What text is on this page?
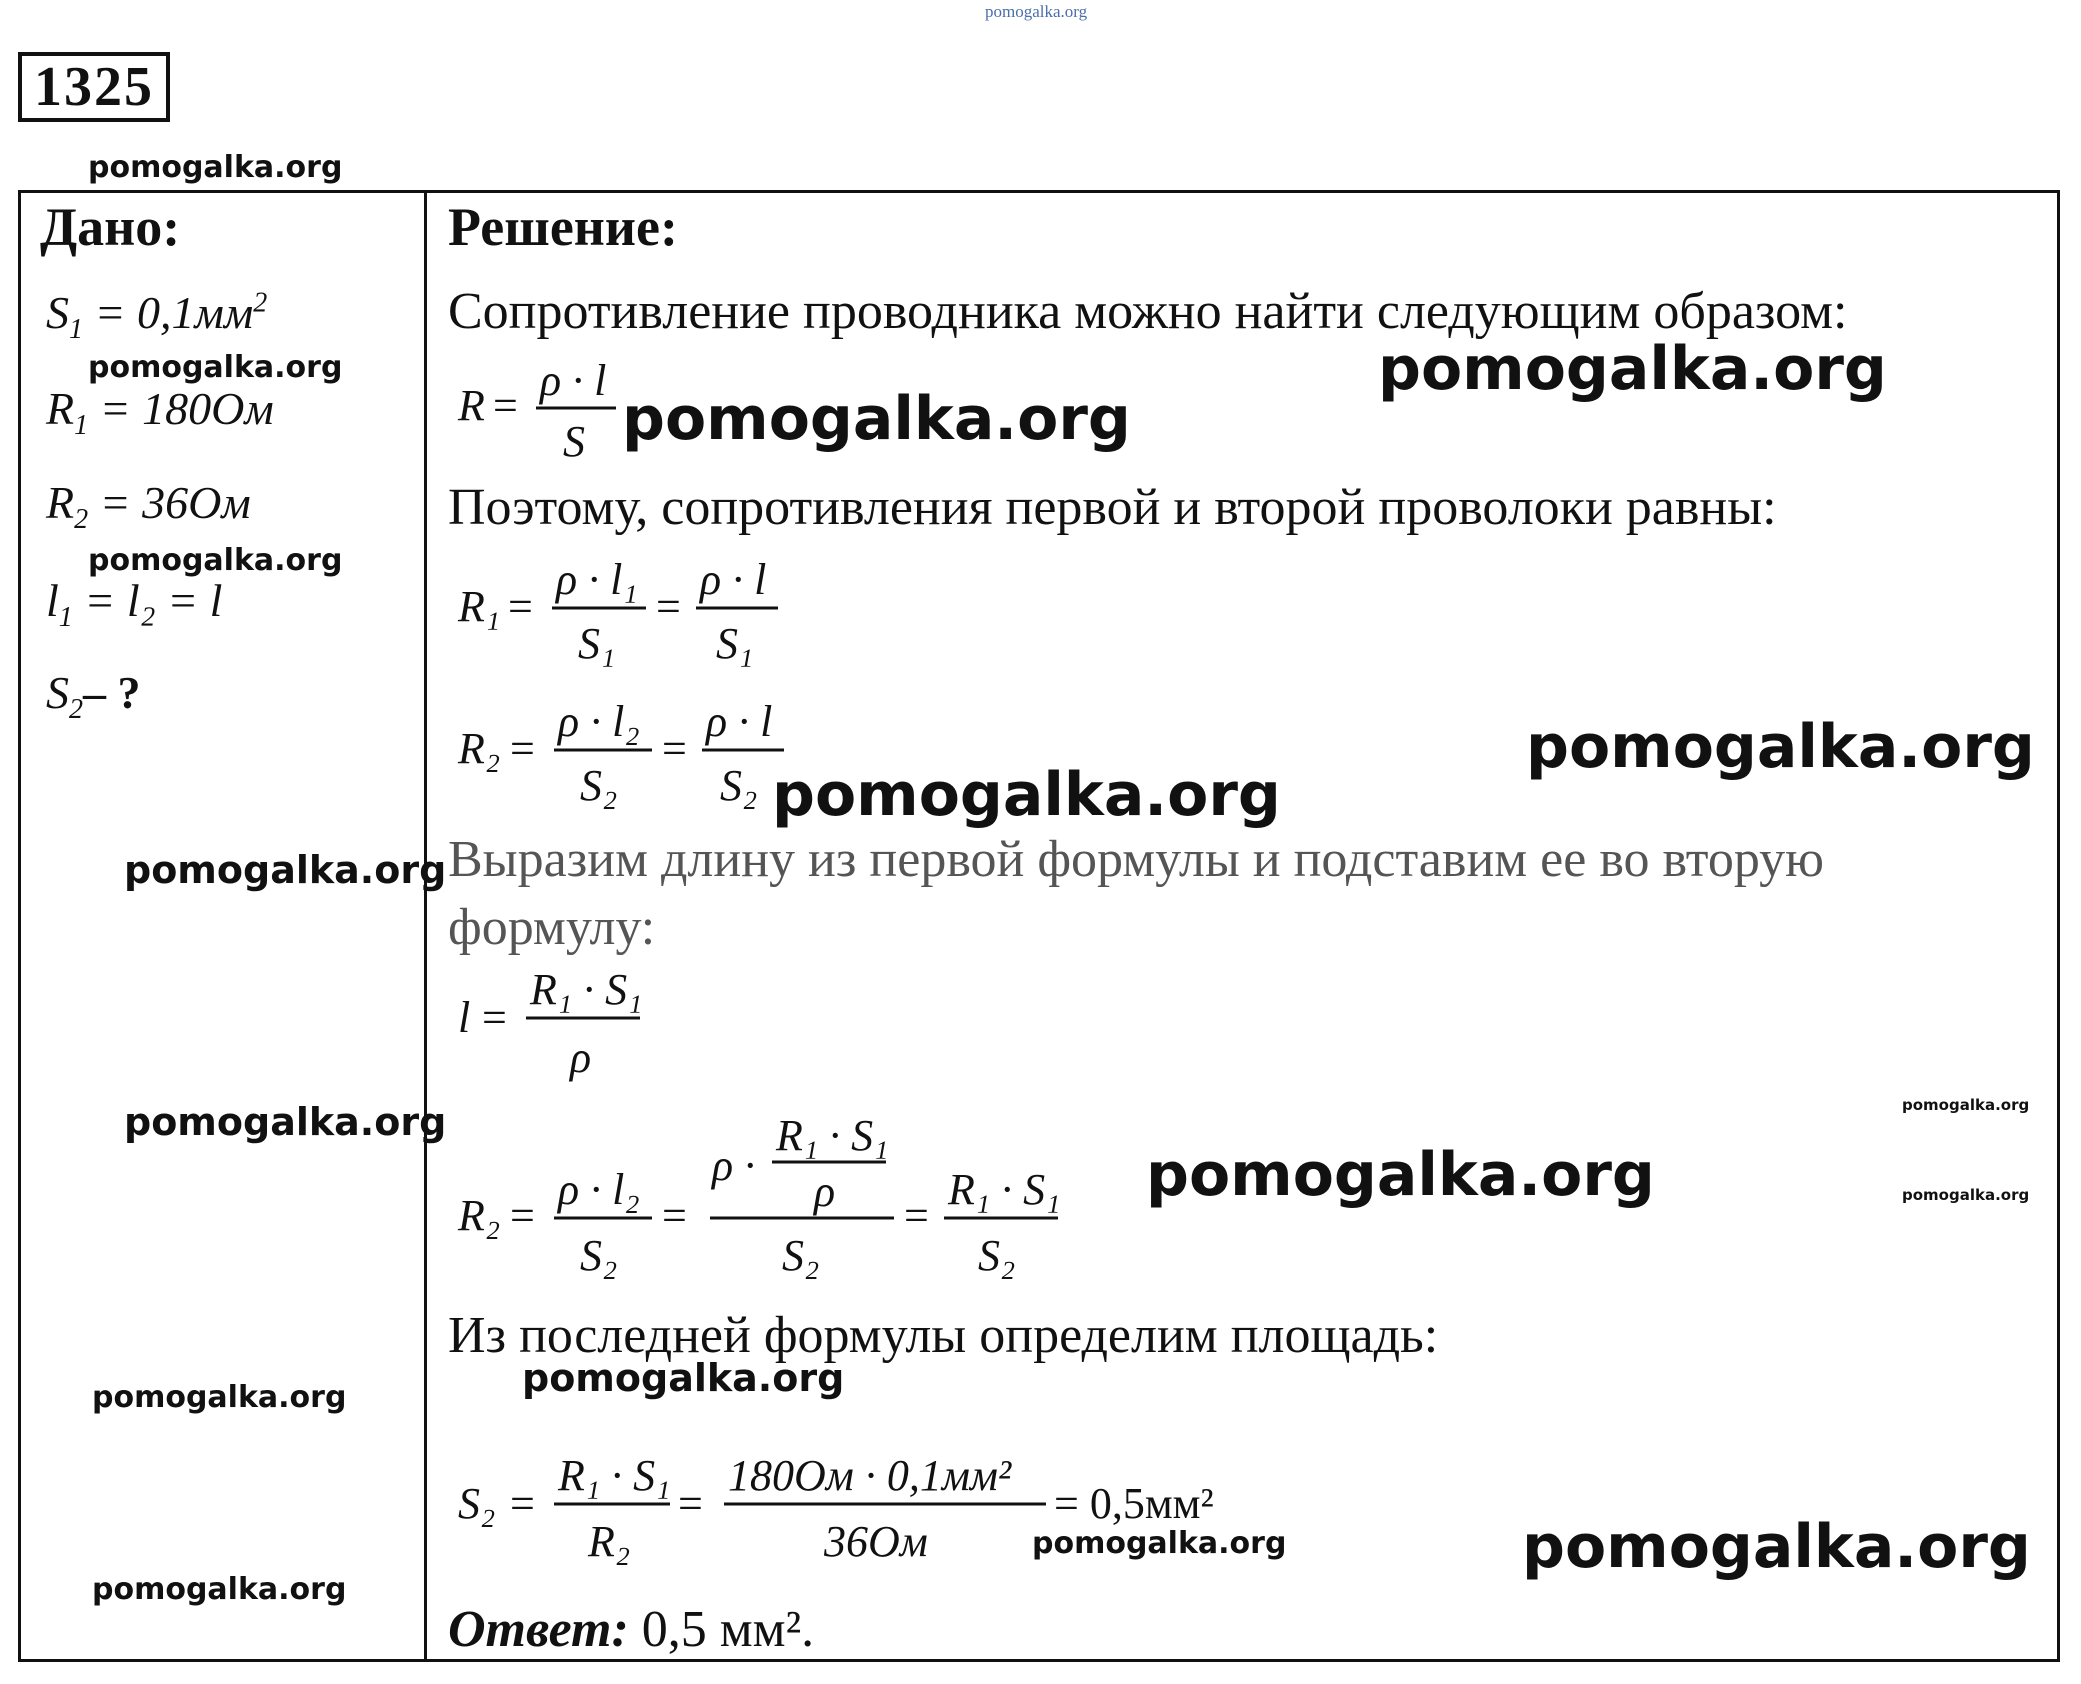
pomogalka.org
1325
pomogalka.org
Дано:
$S_1 = 0,1мм^2$
pomogalka.org
$R_1 = 180Ом$
$R_2 = 36Ом$
pomogalka.org
$l_1 = l_2 = l$
$S_2-$ ?
pomogalka.org
pomogalka.org
pomogalka.org
pomogalka.org
Решение:
Сопротивление проводника можно найти следующим образом:
R =
ρ · l
S pomogalka.org
pomogalka.org
Поэтому, сопротивления первой и второй проволоки равны:
R₁ =
ρ · l₁
S₁
=
ρ · l
S₁
R₂ =
ρ · l₂
S₂
=
ρ · l
S₂ pomogalka.org
pomogalka.org
Выразим длину из первой формулы и подставим ее во вторую
формулу:
l =
R₁ · S₁
ρ
pomogalka.org
pomogalka.org
R₂ =
ρ · l₂
S₂
=
ρ ·
R₁ · S₁
ρ
S₂
=
R₁ · S₁
S₂
pomogalka.org
Из последней формулы определим площадь:
pomogalka.org
S₂ =
R₁ · S₁
R₂
=
180Ом · 0,1мм²
36Ом
= 0,5мм²
pomogalka.org	pomogalka.org
Ответ: 0,5 мм².
